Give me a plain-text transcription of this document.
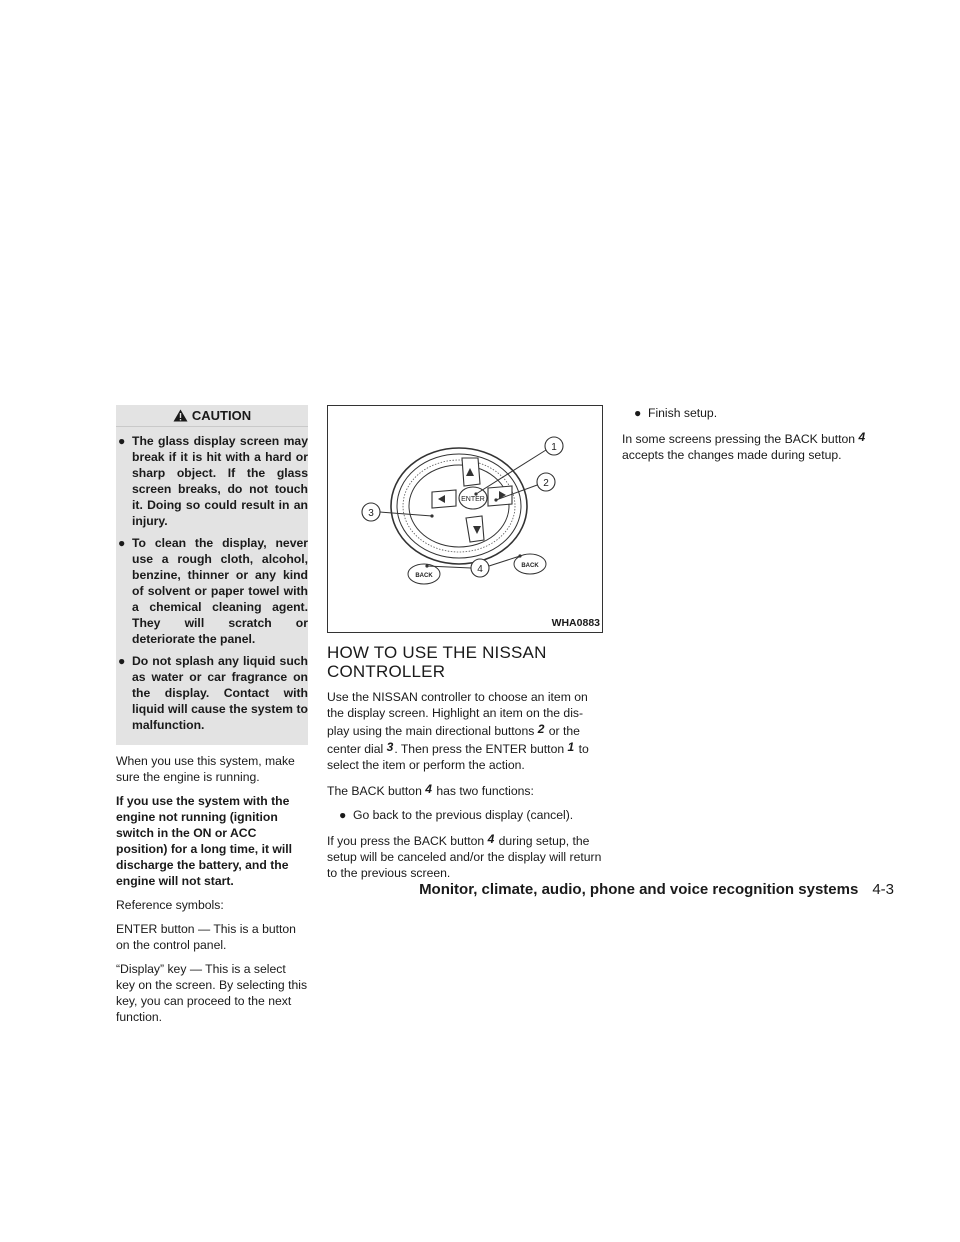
CAUTION
● The glass display screen may break if it is hit with a hard or sharp object. If the glass screen breaks, do not touch it. Doing so could result in an injury.
● To clean the display, never use a rough cloth, alcohol, benzine, thinner or any kind of solvent or paper towel with a chemical cleaning agent. They will scratch or deteriorate the panel.
● Do not splash any liquid such as water or car fragrance on the display. Contact with liquid will cause the system to malfunction.

When you use this system, make sure the engine is running.

If you use the system with the engine not running (ignition switch in the ON or ACC position) for a long time, it will discharge the battery, and the engine will not start.

Reference symbols:

ENTER button — This is a button on the control panel.

“Display” key — This is a select key on the screen. By selecting this key, you can proceed to the next function.

ENTER
BACK
BACK
1
2
3
4
WHA0883
HOW TO USE THE NISSAN
CONTROLLER

Use the NISSAN controller to choose an item on the display screen. Highlight an item on the dis-play using the main directional buttons 2 or the center dial 3. Then press the ENTER button 1 to select the item or perform the action.

The BACK button 4 has two functions:

● Go back to the previous display (cancel).

If you press the BACK button 4 during setup, the setup will be canceled and/or the display will return to the previous screen.

● Finish setup.

In some screens pressing the BACK button 4 accepts the changes made during setup.

Monitor, climate, audio, phone and voice recognition systems 4-3
